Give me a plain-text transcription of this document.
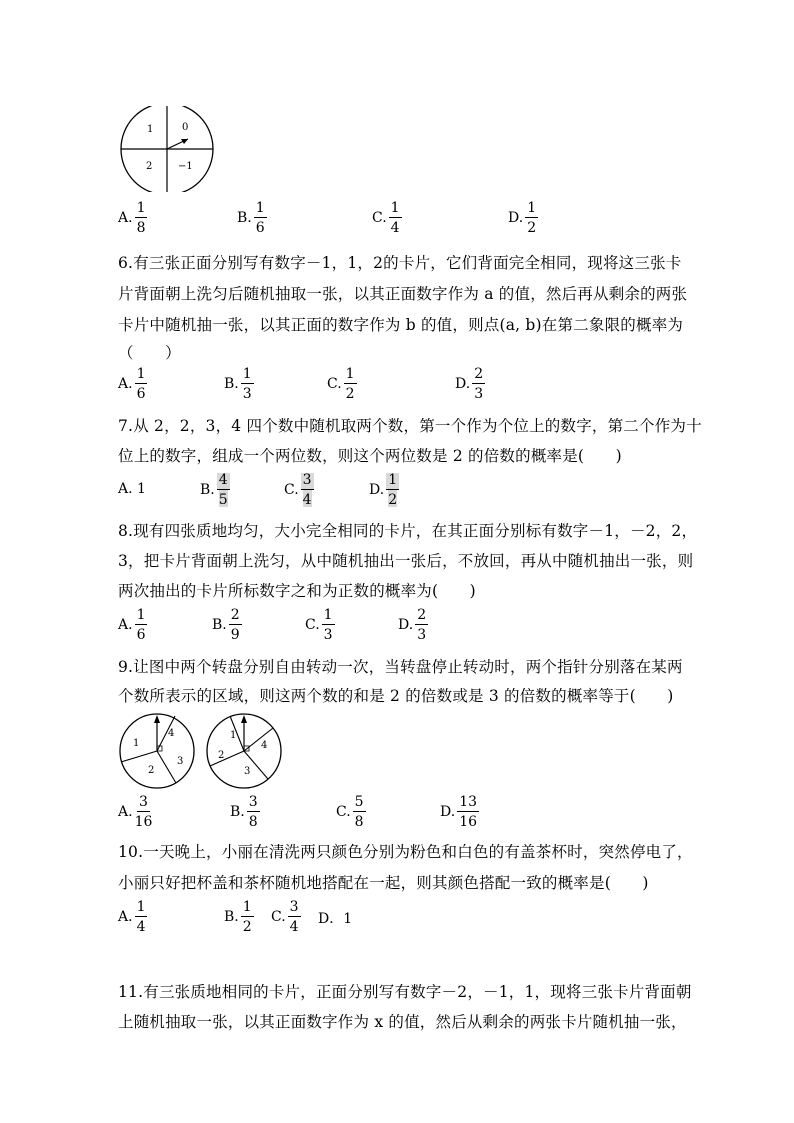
1	0
2	−1
A. $\frac{1}{8}$	B. $\frac{1}{6}$	C. $\frac{1}{4}$	D. $\frac{1}{2}$
6.有三张正面分别写有数字－1，1，2的卡片，它们背面完全相同，现将这三张卡
片背面朝上洗匀后随机抽取一张，以其正面数字作为 a 的值，然后再从剩余的两张
卡片中随机抽一张，以其正面的数字作为 b 的值，则点(a, b)在第二象限的概率为
（　　）
A. $\frac{1}{6}$	B. $\frac{1}{3}$	C. $\frac{1}{2}$	D. $\frac{2}{3}$
7.从 2，2，3，4 四个数中随机取两个数，第一个作为个位上的数字，第二个作为十
位上的数字，组成一个两位数，则这个两位数是 2 的倍数的概率是(　　)
A. 1	B. $\frac{4}{5}$	C. $\frac{3}{4}$	D. $\frac{1}{2}$
8.现有四张质地均匀，大小完全相同的卡片，在其正面分别标有数字－1，－2，2，
3，把卡片背面朝上洗匀，从中随机抽出一张后，不放回，再从中随机抽出一张，则
两次抽出的卡片所标数字之和为正数的概率为(　　)
A. $\frac{1}{6}$	B. $\frac{2}{9}$	C. $\frac{1}{3}$	D. $\frac{2}{3}$
9.让图中两个转盘分别自由转动一次，当转盘停止转动时，两个指针分别落在某两
个数所表示的区域，则这两个数的和是 2 的倍数或是 3 的倍数的概率等于(　　)
1
4
2
3
1
4
2
3
A. $\frac{3}{16}$	B. $\frac{3}{8}$	C. $\frac{5}{8}$	D. $\frac{13}{16}$
10.一天晚上，小丽在清洗两只颜色分别为粉色和白色的有盖茶杯时，突然停电了，
小丽只好把杯盖和茶杯随机地搭配在一起，则其颜色搭配一致的概率是(　　)
A. $\frac{1}{4}$	B. $\frac{1}{2} C$. $\frac{3}{4}$ D．1
11.有三张质地相同的卡片，正面分别写有数字－2，－1，1，现将三张卡片背面朝
上随机抽取一张，以其正面数字作为 x 的值，然后从剩余的两张卡片随机抽一张，
